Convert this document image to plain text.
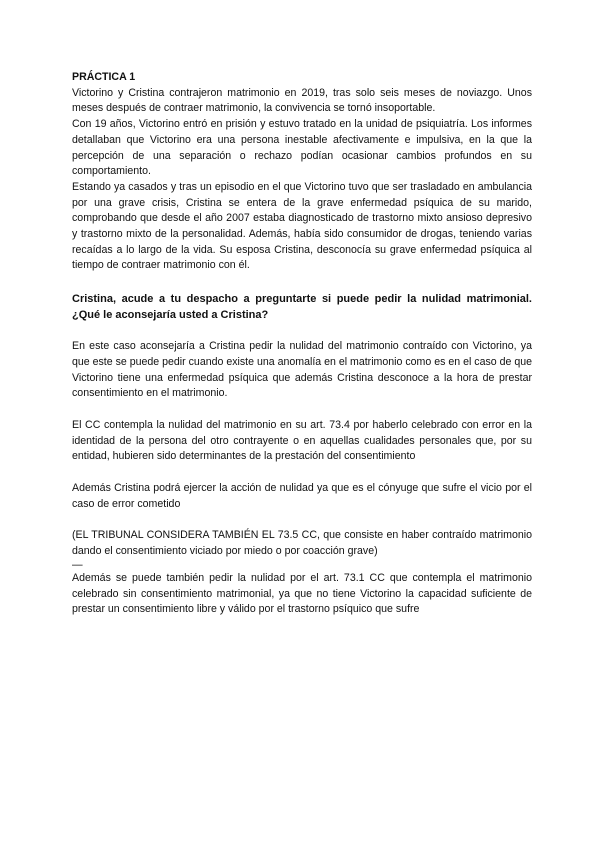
PRÁCTICA 1

Victorino y Cristina contrajeron matrimonio en 2019, tras solo seis meses de noviazgo. Unos meses después de contraer matrimonio, la convivencia se tornó insoportable.

Con 19 años, Victorino entró en prisión y estuvo tratado en la unidad de psiquiatría. Los informes detallaban que Victorino era una persona inestable afectivamente e impulsiva, en la que la percepción de una separación o rechazo podían ocasionar cambios profundos en su comportamiento.

Estando ya casados y tras un episodio en el que Victorino tuvo que ser trasladado en ambulancia por una grave crisis, Cristina se entera de la grave enfermedad psíquica de su marido, comprobando que desde el año 2007 estaba diagnosticado de trastorno mixto ansioso depresivo y trastorno mixto de la personalidad. Además, había sido consumidor de drogas, teniendo varias recaídas a lo largo de la vida. Su esposa Cristina, desconocía su grave enfermedad psíquica al tiempo de contraer matrimonio con él.

Cristina, acude a tu despacho a preguntarte si puede pedir la nulidad matrimonial. ¿Qué le aconsejaría usted a Cristina?

En este caso aconsejaría a Cristina pedir la nulidad del matrimonio contraído con Victorino, ya que este se puede pedir cuando existe una anomalía en el matrimonio como es en el caso de que Victorino tiene una enfermedad psíquica que además Cristina desconoce a la hora de prestar consentimiento en el matrimonio.

El CC contempla la nulidad del matrimonio en su art. 73.4 por haberlo celebrado con error en la identidad de la persona del otro contrayente o en aquellas cualidades personales que, por su entidad, hubieren sido determinantes de la prestación del consentimiento

Además Cristina podrá ejercer la acción de nulidad ya que es el cónyuge que sufre el vicio por el caso de error cometido

(EL TRIBUNAL CONSIDERA TAMBIÉN EL 73.5 CC, que consiste en haber contraído matrimonio dando el consentimiento viciado por miedo o por coacción grave)

—

Además se puede también pedir la nulidad por el art. 73.1 CC que contempla el matrimonio celebrado sin consentimiento matrimonial, ya que no tiene Victorino la capacidad suficiente de prestar un consentimiento libre y válido por el trastorno psíquico que sufre
